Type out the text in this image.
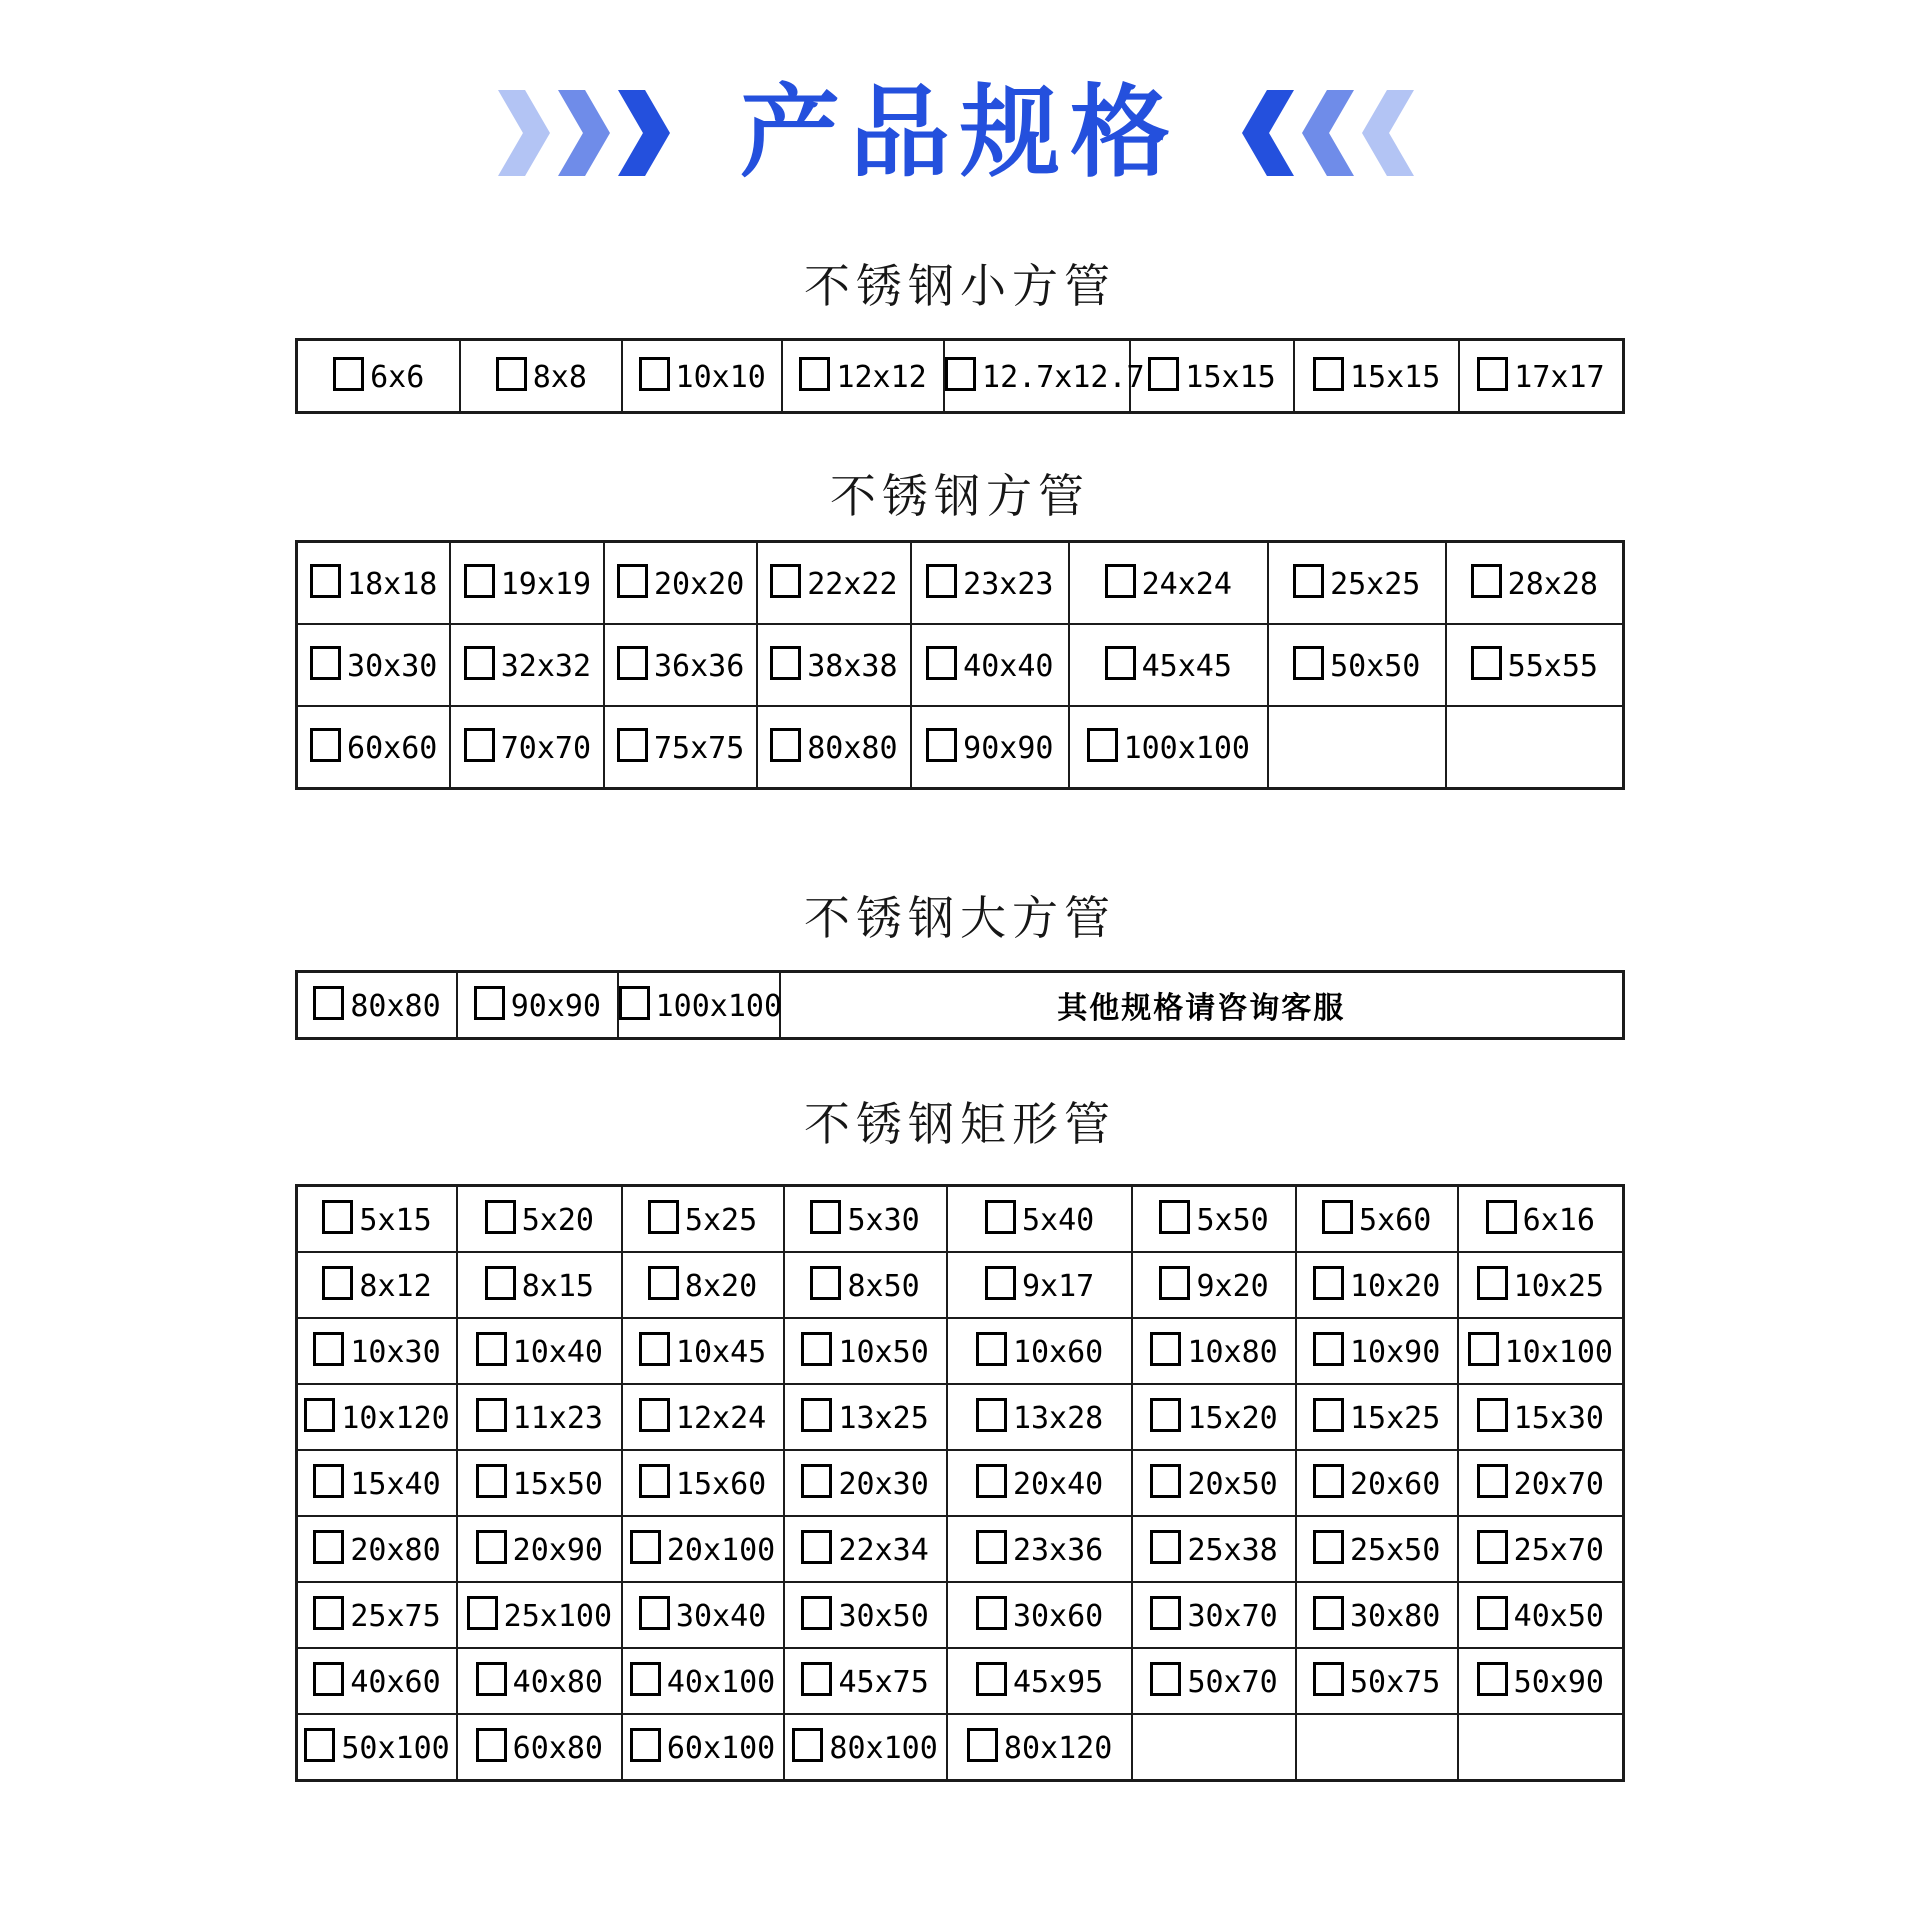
产品规格
不锈钢小方管
6x6	8x8	10x10	12x12	12.7x12.7	15x15	15x15	17x17
不锈钢方管
18x18	19x19	20x20	22x22	23x23	24x24	25x25	28x28
30x30	32x32	36x36	38x38	40x40	45x45	50x50	55x55
60x60	70x70	75x75	80x80	90x90	100x100		
不锈钢大方管
80x80	90x90	100x100	其他规格请咨询客服
不锈钢矩形管
5x15	5x20	5x25	5x30	5x40	5x50	5x60	6x16
8x12	8x15	8x20	8x50	9x17	9x20	10x20	10x25
10x30	10x40	10x45	10x50	10x60	10x80	10x90	10x100
10x120	11x23	12x24	13x25	13x28	15x20	15x25	15x30
15x40	15x50	15x60	20x30	20x40	20x50	20x60	20x70
20x80	20x90	20x100	22x34	23x36	25x38	25x50	25x70
25x75	25x100	30x40	30x50	30x60	30x70	30x80	40x50
40x60	40x80	40x100	45x75	45x95	50x70	50x75	50x90
50x100	60x80	60x100	80x100	80x120			
